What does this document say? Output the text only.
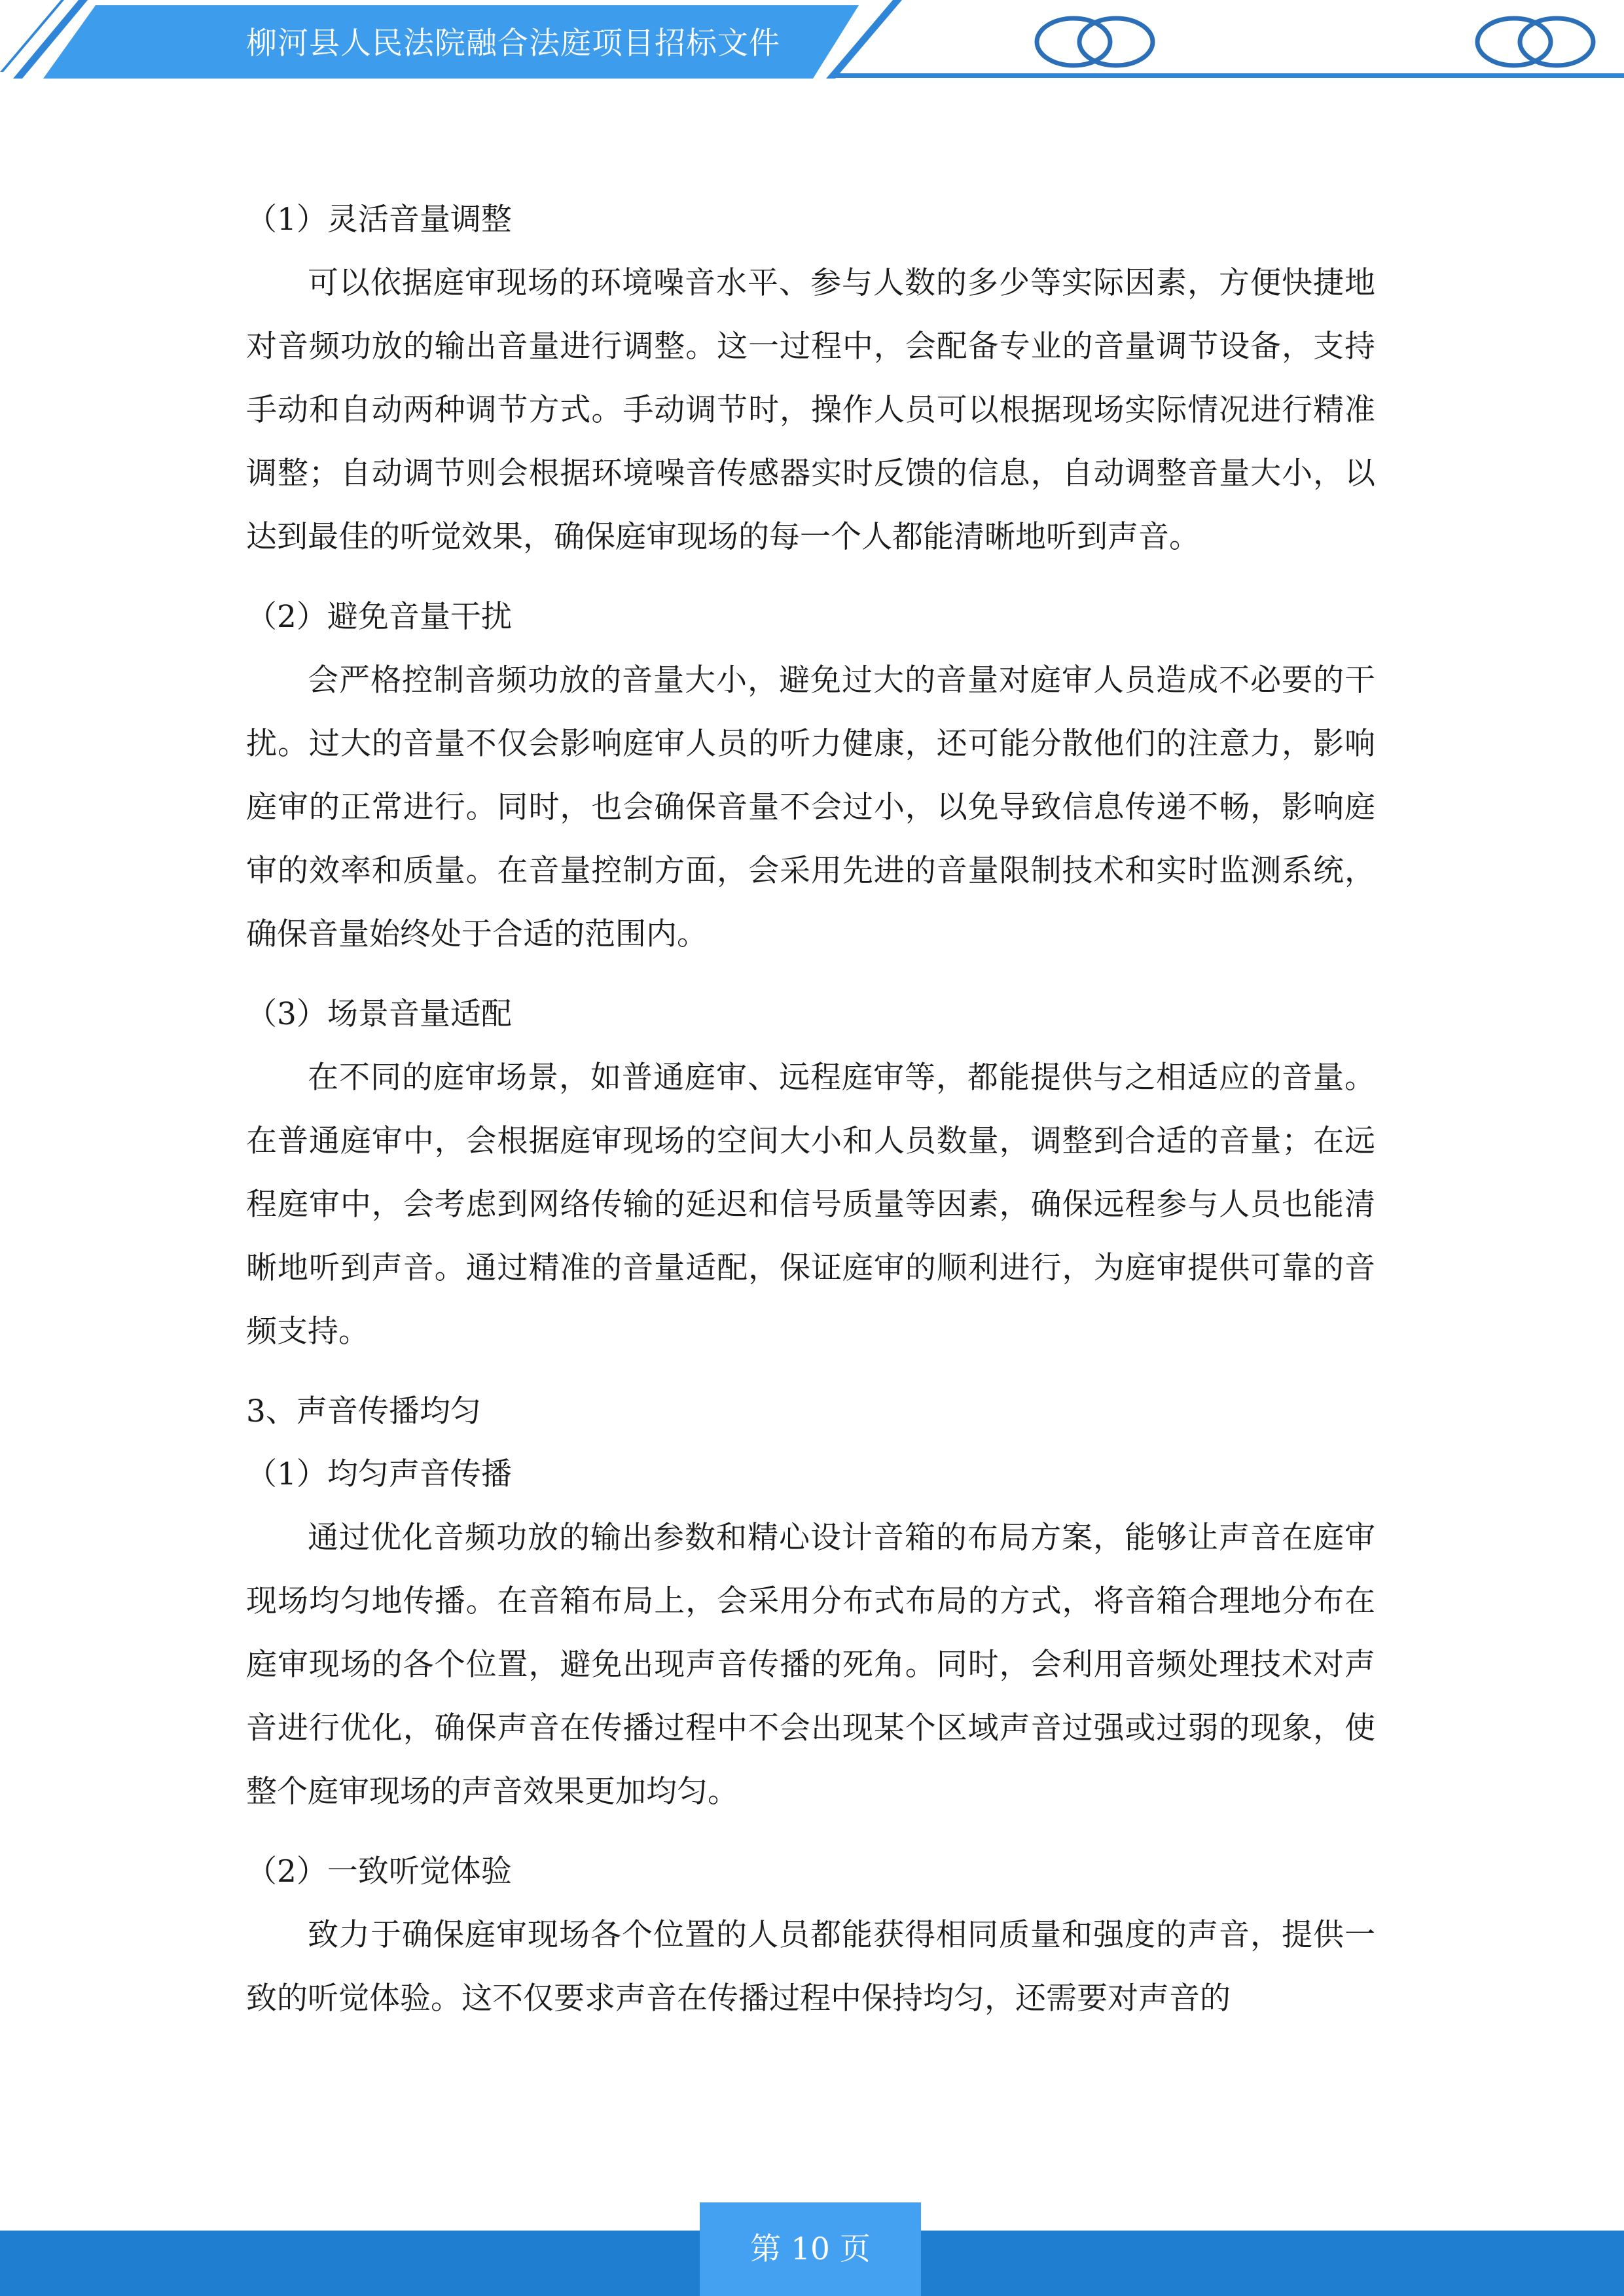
柳河县人民法院融合法庭项目招标文件

（1）灵活音量调整

可以依据庭审现场的环境噪音水平、参与人数的多少等实际因素，方便快捷地对音频功放的输出音量进行调整。这一过程中，会配备专业的音量调节设备，支持手动和自动两种调节方式。手动调节时，操作人员可以根据现场实际情况进行精准调整；自动调节则会根据环境噪音传感器实时反馈的信息，自动调整音量大小，以达到最佳的听觉效果，确保庭审现场的每一个人都能清晰地听到声音。

（2）避免音量干扰

会严格控制音频功放的音量大小，避免过大的音量对庭审人员造成不必要的干扰。过大的音量不仅会影响庭审人员的听力健康，还可能分散他们的注意力，影响庭审的正常进行。同时，也会确保音量不会过小，以免导致信息传递不畅，影响庭审的效率和质量。在音量控制方面，会采用先进的音量限制技术和实时监测系统，确保音量始终处于合适的范围内。

（3）场景音量适配

在不同的庭审场景，如普通庭审、远程庭审等，都能提供与之相适应的音量。在普通庭审中，会根据庭审现场的空间大小和人员数量，调整到合适的音量；在远程庭审中，会考虑到网络传输的延迟和信号质量等因素，确保远程参与人员也能清晰地听到声音。通过精准的音量适配，保证庭审的顺利进行，为庭审提供可靠的音频支持。

3、声音传播均匀

（1）均匀声音传播

通过优化音频功放的输出参数和精心设计音箱的布局方案，能够让声音在庭审现场均匀地传播。在音箱布局上，会采用分布式布局的方式，将音箱合理地分布在庭审现场的各个位置，避免出现声音传播的死角。同时，会利用音频处理技术对声音进行优化，确保声音在传播过程中不会出现某个区域声音过强或过弱的现象，使整个庭审现场的声音效果更加均匀。

（2）一致听觉体验

致力于确保庭审现场各个位置的人员都能获得相同质量和强度的声音，提供一致的听觉体验。这不仅要求声音在传播过程中保持均匀，还需要对声音的

第 10 页
